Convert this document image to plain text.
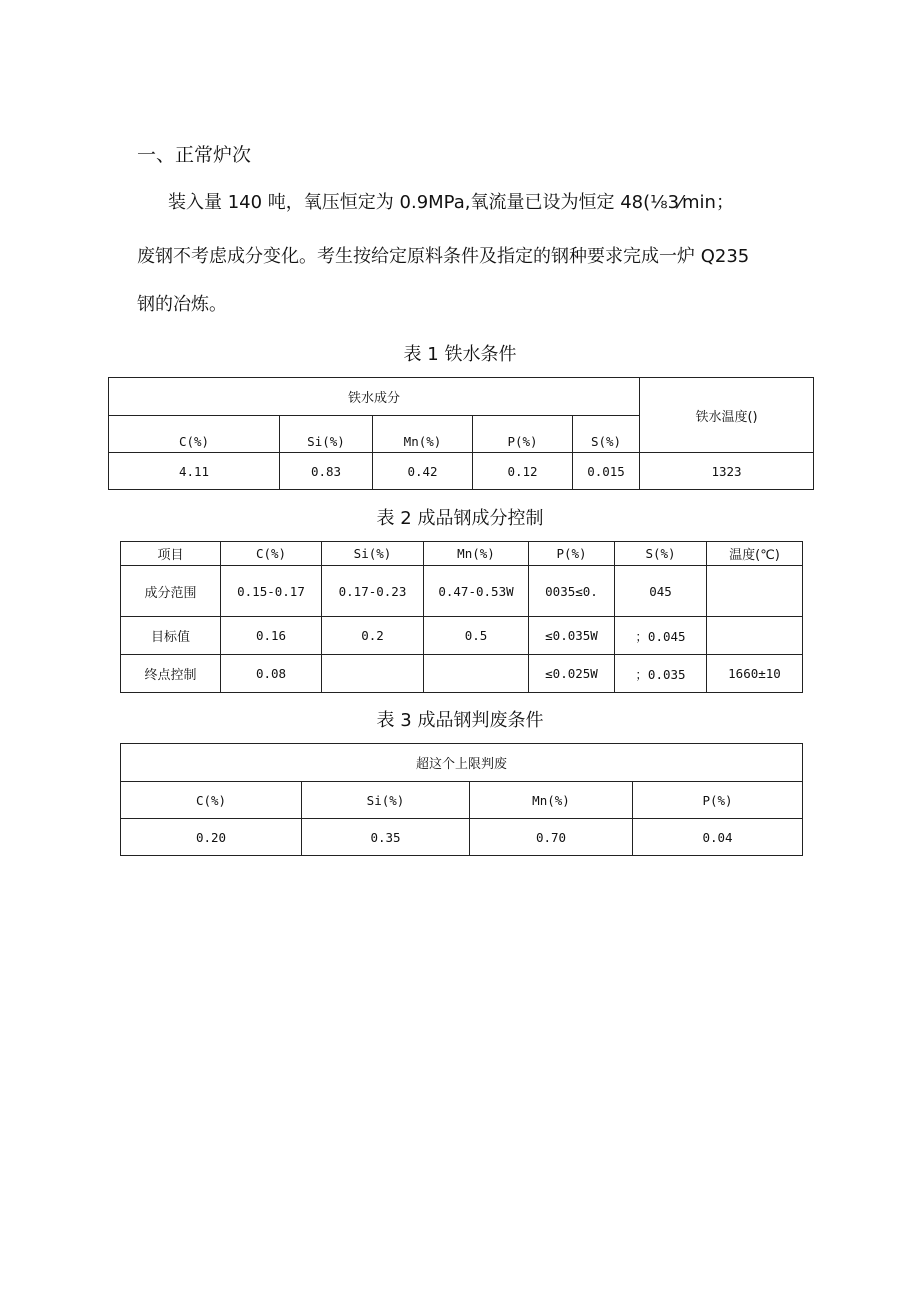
一、正常炉次
装入量 140 吨，氧压恒定为 0.9MPa,氧流量已设为恒定 48(⅛3⁄min；
废钢不考虑成分变化。考生按给定原料条件及指定的钢种要求完成一炉 Q235
钢的冶炼。
表 1 铁水条件
铁水成分					铁水温度()
C(%)	Si(%)	Mn(%)	P(%)	S(%)	
4.11	0.83	0.42	0.12	0.015	1323
表 2 成品钢成分控制
项目	C(%)	Si(%)	Mn(%)	P(%)	S(%)	温度(℃)
成分范围	0.15-0.17	0.17-0.23	0.47-0.53W	0035≤0.	045	
目标值	0.16	0.2	0.5	≤0.035W	；0.045	
终点控制	0.08			≤0.025W	；0.035	1660±10
表 3 成品钢判废条件
超这个上限判废			
C(%)	Si(%)	Mn(%)	P(%)
0.20	0.35	0.70	0.04
